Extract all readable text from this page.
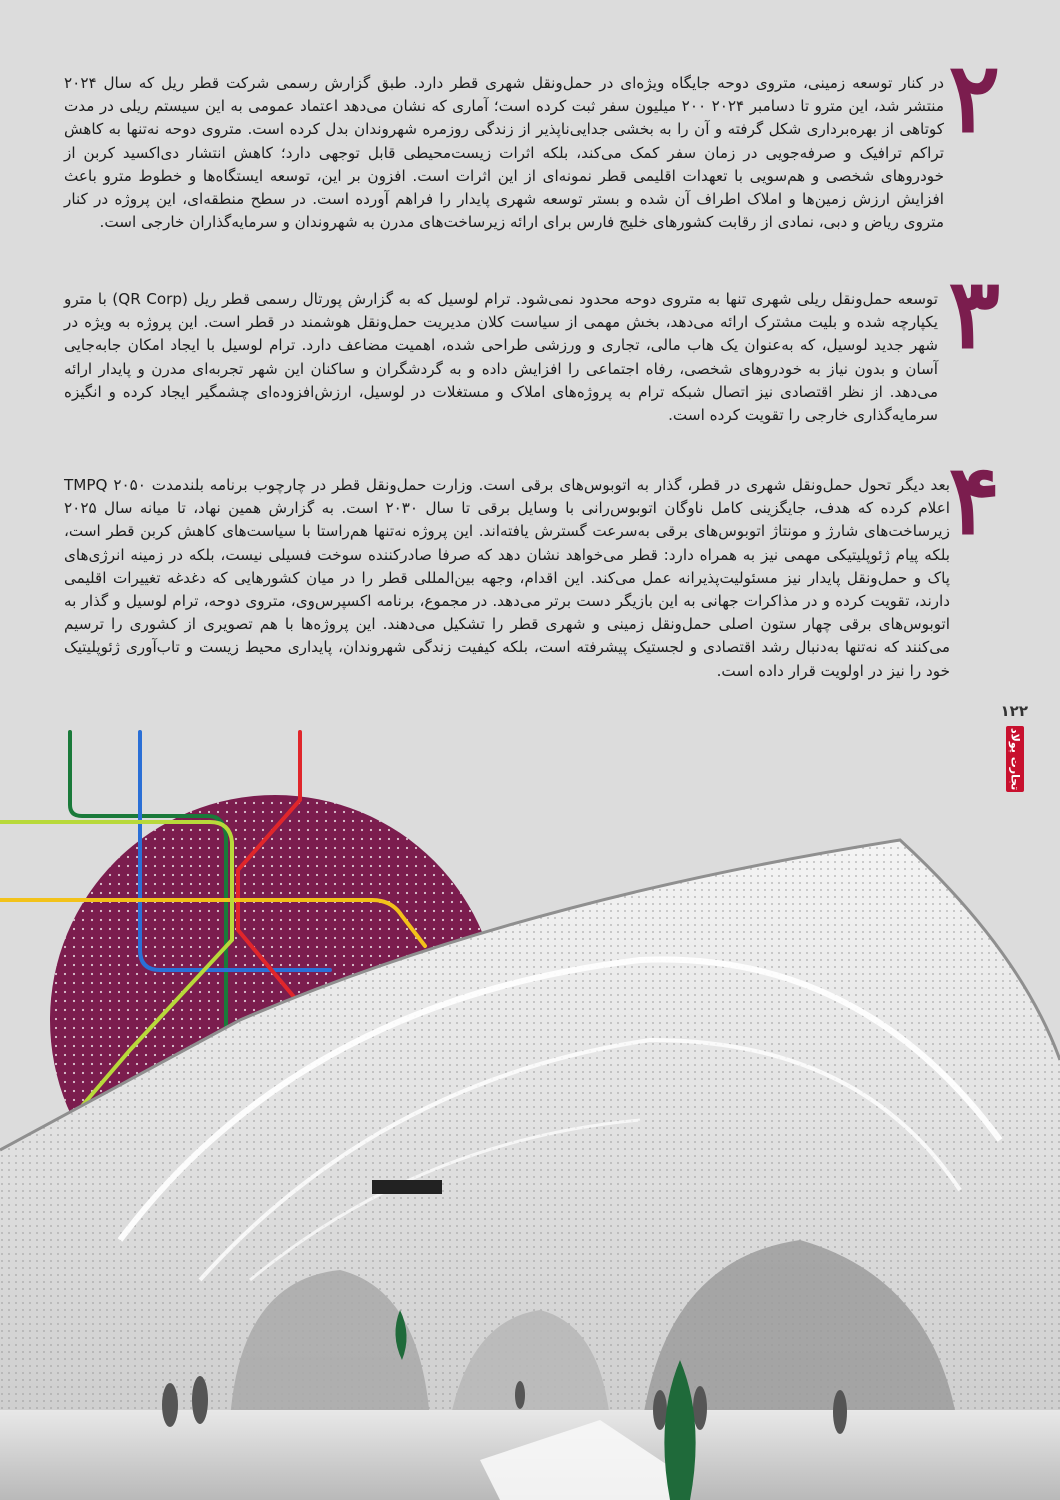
۲
در کنار توسعه زمینی، متروی دوحه جایگاه ویژه‌ای در حمل‌ونقل شهری قطر دارد. طبق گزارش رسمی شرکت قطر ریل که سال ۲۰۲۴ منتشر شد، این مترو تا دسامبر ۲۰۲۴ ۲۰۰ میلیون سفر ثبت کرده است؛ آماری که نشان می‌دهد اعتماد عمومی به این سیستم ریلی در مدت کوتاهی از بهره‌برداری شکل گرفته و آن را به بخشی جدایی‌ناپذیر از زندگی روزمره شهروندان بدل کرده است. متروی دوحه نه‌تنها به کاهش تراکم ترافیک و صرفه‌جویی در زمان سفر کمک می‌کند، بلکه اثرات زیست‌محیطی قابل توجهی دارد؛ کاهش انتشار دی‌اکسید کربن از خودروهای شخصی و هم‌سویی با تعهدات اقلیمی قطر نمونه‌ای از این اثرات است. افزون بر این، توسعه ایستگاه‌ها و خطوط مترو باعث افزایش ارزش زمین‌ها و املاک اطراف آن شده و بستر توسعه شهری پایدار را فراهم آورده است. در سطح منطقه‌ای، این پروژه در کنار متروی ریاض و دبی، نمادی از رقابت کشورهای خلیج فارس برای ارائه زیرساخت‌های مدرن به شهروندان و سرمایه‌گذاران خارجی است.
۳
توسعه حمل‌ونقل ریلی شهری تنها به متروی دوحه محدود نمی‌شود. ترام لوسیل که به گزارش پورتال رسمی قطر ریل (QR Corp) با مترو یکپارچه شده و بلیت مشترک ارائه می‌دهد، بخش مهمی از سیاست کلان مدیریت حمل‌ونقل هوشمند در قطر است. این پروژه به ویژه در شهر جدید لوسیل، که به‌عنوان یک هاب مالی، تجاری و ورزشی طراحی شده، اهمیت مضاعف دارد. ترام لوسیل با ایجاد امکان جابه‌جایی آسان و بدون نیاز به خودروهای شخصی، رفاه اجتماعی را افزایش داده و به گردشگران و ساکنان این شهر تجربه‌ای مدرن و پایدار ارائه می‌دهد. از نظر اقتصادی نیز اتصال شبکه ترام به پروژه‌های املاک و مستغلات در لوسیل، ارزش‌افزوده‌ای چشمگیر ایجاد کرده و انگیزه سرمایه‌گذاری خارجی را تقویت کرده است.
۴
بعد دیگر تحول حمل‌ونقل شهری در قطر، گذار به اتوبوس‌های برقی است. وزارت حمل‌ونقل قطر در چارچوب برنامه بلندمدت TMPQ ۲۰۵۰ اعلام کرده که هدف، جایگزینی کامل ناوگان اتوبوس‌رانی با وسایل برقی تا سال ۲۰۳۰ است. به گزارش همین نهاد، تا میانه سال ۲۰۲۵ زیرساخت‌های شارژ و مونتاژ اتوبوس‌های برقی به‌سرعت گسترش یافته‌اند. این پروژه نه‌تنها هم‌راستا با سیاست‌های کاهش کربن قطر است، بلکه پیام ژئوپلیتیکی مهمی نیز به همراه دارد: قطر می‌خواهد نشان دهد که صرفا صادرکننده سوخت فسیلی نیست، بلکه در زمینه انرژی‌های پاک و حمل‌ونقل پایدار نیز مسئولیت‌پذیرانه عمل می‌کند. این اقدام، وجهه بین‌المللی قطر را در میان کشورهایی که دغدغه تغییرات اقلیمی دارند، تقویت کرده و در مذاکرات جهانی به این بازیگر دست برتر می‌دهد. در مجموع، برنامه اکسپرس‌وی، متروی دوحه، ترام لوسیل و گذار به اتوبوس‌های برقی چهار ستون اصلی حمل‌ونقل زمینی و شهری قطر را تشکیل می‌دهند. این پروژه‌ها با هم تصویری از کشوری را ترسیم می‌کنند که نه‌تنها به‌دنبال رشد اقتصادی و لجستیک پیشرفته است، بلکه کیفیت زندگی شهروندان، پایداری محیط زیست و تاب‌آوری ژئوپلیتیک خود را نیز در اولویت قرار داده است.
۱۲۲
تجارت پولاد
